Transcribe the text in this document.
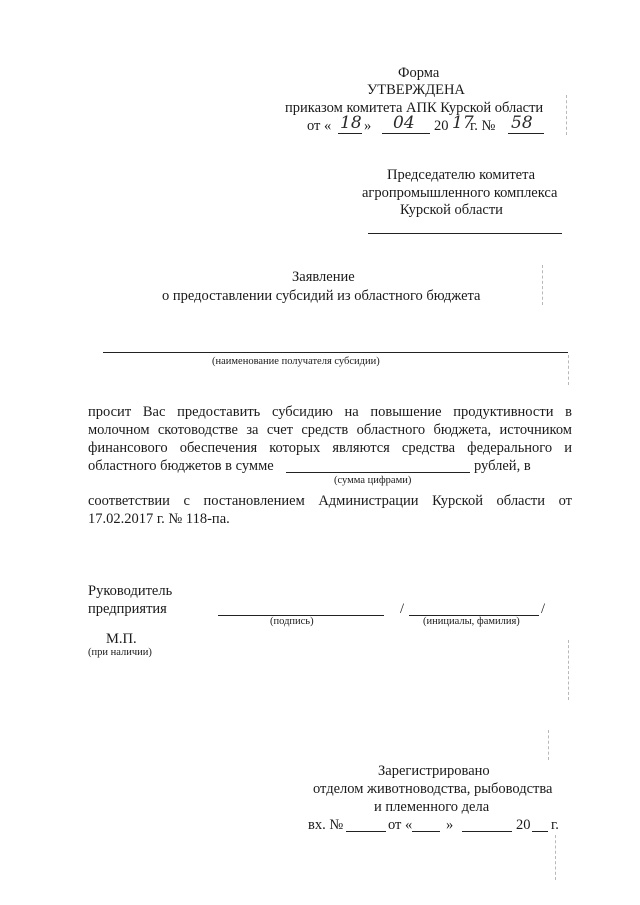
Форма
УТВЕРЖДЕНА
приказом комитета АПК Курской области
от « 18 » 04 20 17
г. № 58
Председателю комитета
агропромышленного комплекса
Курской области
Заявление
о предоставлении субсидий из областного бюджета
(наименование получателя субсидии)
просит Вас предоставить субсидию на повышение продуктивности в
молочном скотоводстве за счет средств областного бюджета, источником
финансового обеспечения которых являются средства федерального и
областного бюджетов в сумме	рублей, в
(сумма цифрами)
соответствии с постановлением Администрации Курской области от
17.02.2017 г. № 118-па.
Руководитель
предприятия	/	/
(подпись)	(инициалы, фамилия)
М.П.
(при наличии)
Зарегистрировано
отделом животноводства, рыбоводства
и племенного дела
вх. №	от « »	20 г.
